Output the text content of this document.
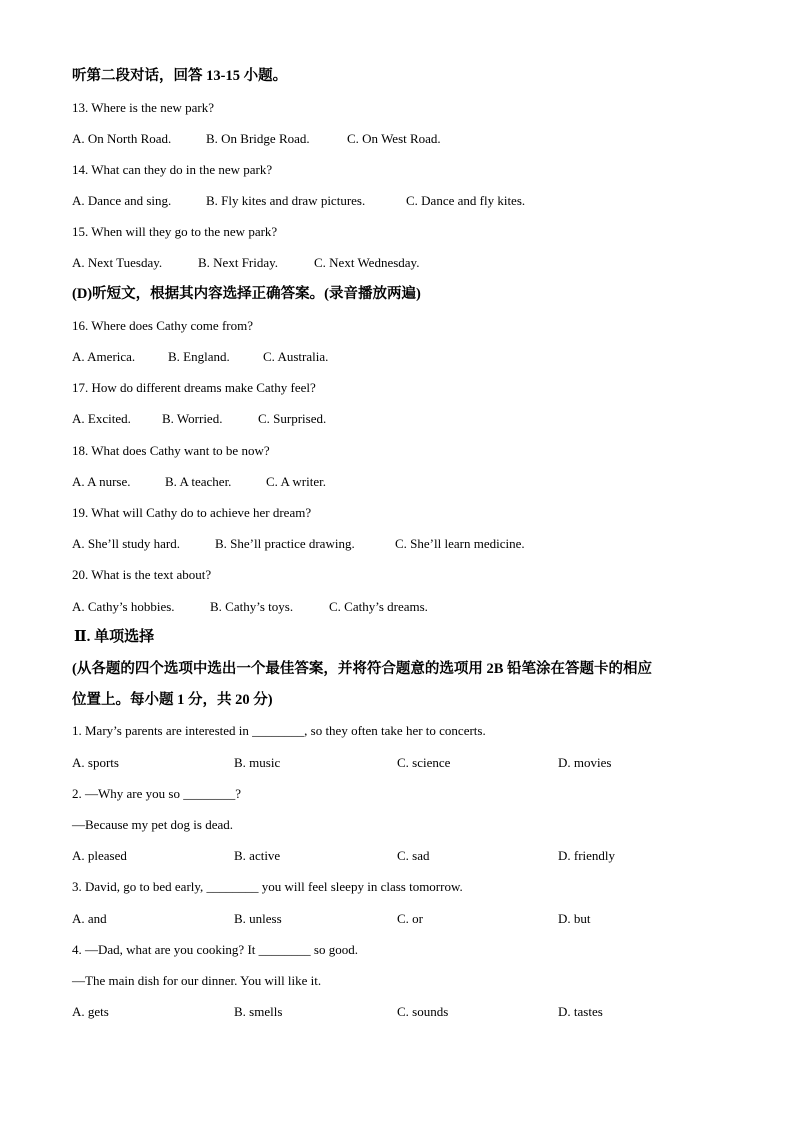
听第二段对话，回答 13-15 小题。
13. Where is the new park?
A. On North Road.	B. On Bridge Road.	C. On West Road.
14. What can they do in the new park?
A. Dance and sing.	B. Fly kites and draw pictures.	C. Dance and fly kites.
15. When will they go to the new park?
A. Next Tuesday.	B. Next Friday.	C. Next Wednesday.
(D)听短文，根据其内容选择正确答案。(录音播放两遍)
16. Where does Cathy come from?
A. America.	B. England.	C. Australia.
17. How do different dreams make Cathy feel?
A. Excited. B. Worried.	C. Surprised.
18. What does Cathy want to be now?
A. A nurse.	B. A teacher.	C. A writer.
19. What will Cathy do to achieve her dream?
A. She’ll study hard.	B. She’ll practice drawing.	C. She’ll learn medicine.
20. What is the text about?
A. Cathy’s hobbies.	B. Cathy’s toys.	C. Cathy’s dreams.
Ⅱ. 单项选择
(从各题的四个选项中选出一个最佳答案，并将符合题意的选项用 2B 铅笔涂在答题卡的相应
位置上。每小题 1 分，共 20 分)
1. Mary’s parents are interested in ________, so they often take her to concerts.
A. sports	B. music	C. science	D. movies
2. —Why are you so ________?
—Because my pet dog is dead.
A. pleased	B. active	C. sad	D. friendly
3. David, go to bed early, ________ you will feel sleepy in class tomorrow.
A. and	B. unless	C. or	D. but
4. —Dad, what are you cooking? It ________ so good.
—The main dish for our dinner. You will like it.
A. gets	B. smells	C. sounds	D. tastes
